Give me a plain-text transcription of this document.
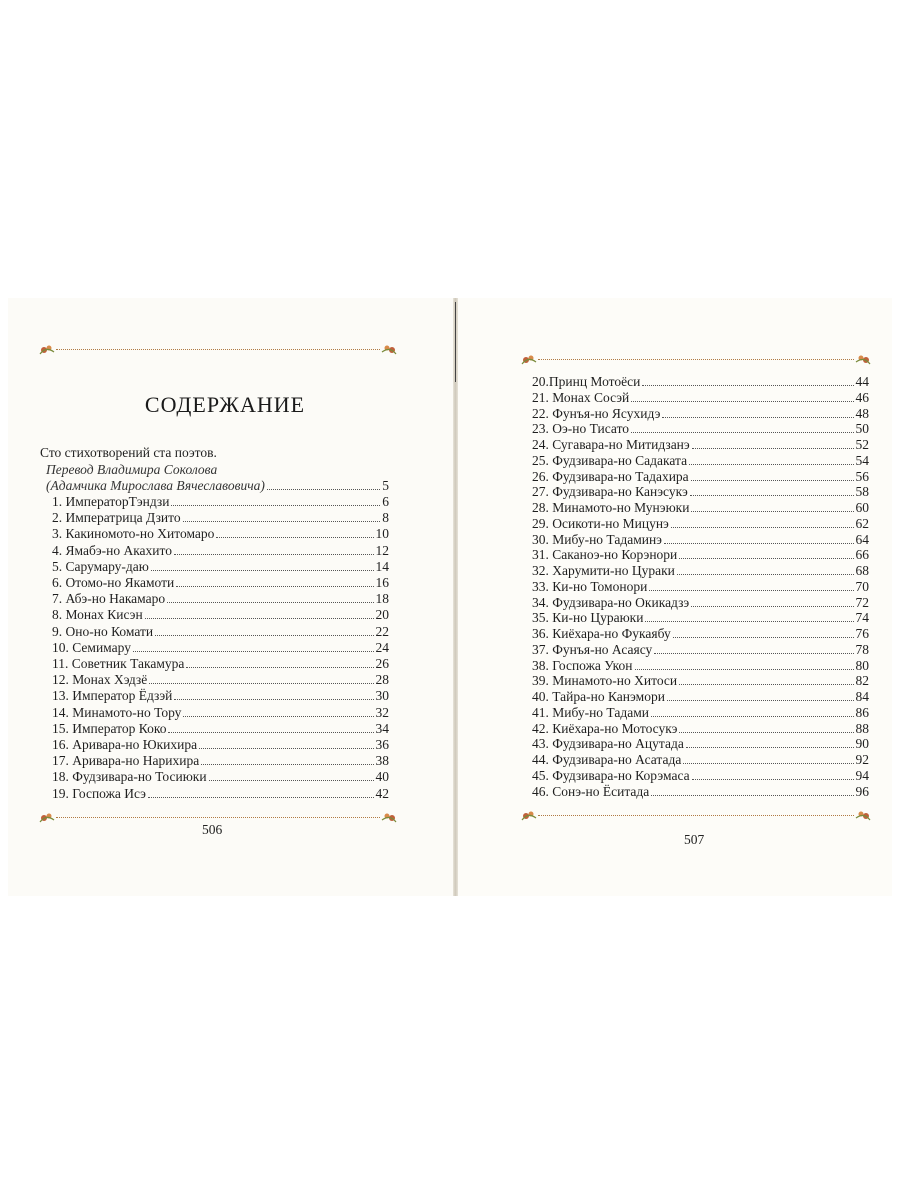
СОДЕРЖАНИЕ
Сто стихотворений ста поэтов.
Перевод Владимира Соколова
(Адамчика Мирослава Вячеславовича)	5
1. ИмператорТэндзи	6
2. Императрица Дзито	8
3. Какиномото-но Хитомаро	10
4. Ямабэ-но Акахито	12
5. Сарумару-даю	14
6. Отомо-но Якамоти	16
7. Абэ-но Накамаро	18
8. Монах Кисэн	20
9. Оно-но Комати	22
10. Семимару	24
11. Советник Такамура	26
12. Монах Хэдзё	28
13. Император Ёдзэй	30
14. Минамото-но Тору	32
15. Император Коко	34
16. Аривара-но Юкихира	36
17. Аривара-но Нарихира	38
18. Фудзивара-но Тосиюки	40
19. Госпожа Исэ	42
20.Принц Мотоёси	44
21. Монах Сосэй	46
22. Фунъя-но Ясухидэ	48
23. Оэ-но Тисато	50
24. Сугавара-но Митидзанэ	52
25. Фудзивара-но Садаката	54
26. Фудзивара-но Тадахира	56
27. Фудзивара-но Канэсукэ	58
28. Минамото-но Мунэюки	60
29. Осикоти-но Мицунэ	62
30. Мибу-но Тадаминэ	64
31. Саканоэ-но Корэнори	66
32. Харумити-но Цураки	68
33. Ки-но Томонори	70
34. Фудзивара-но Окикадзэ	72
35. Ки-но Цураюки	74
36. Киёхара-но Фукаябу	76
37. Фунъя-но Асаясу	78
38. Госпожа Укон	80
39. Минамото-но Хитоси	82
40. Тайра-но Канэмори	84
41. Мибу-но Тадами	86
42. Киёхара-но Мотосукэ	88
43. Фудзивара-но Ацутада	90
44. Фудзивара-но Асатада	92
45. Фудзивара-но Корэмаса	94
46. Сонэ-но Ёситада	96
506
507
